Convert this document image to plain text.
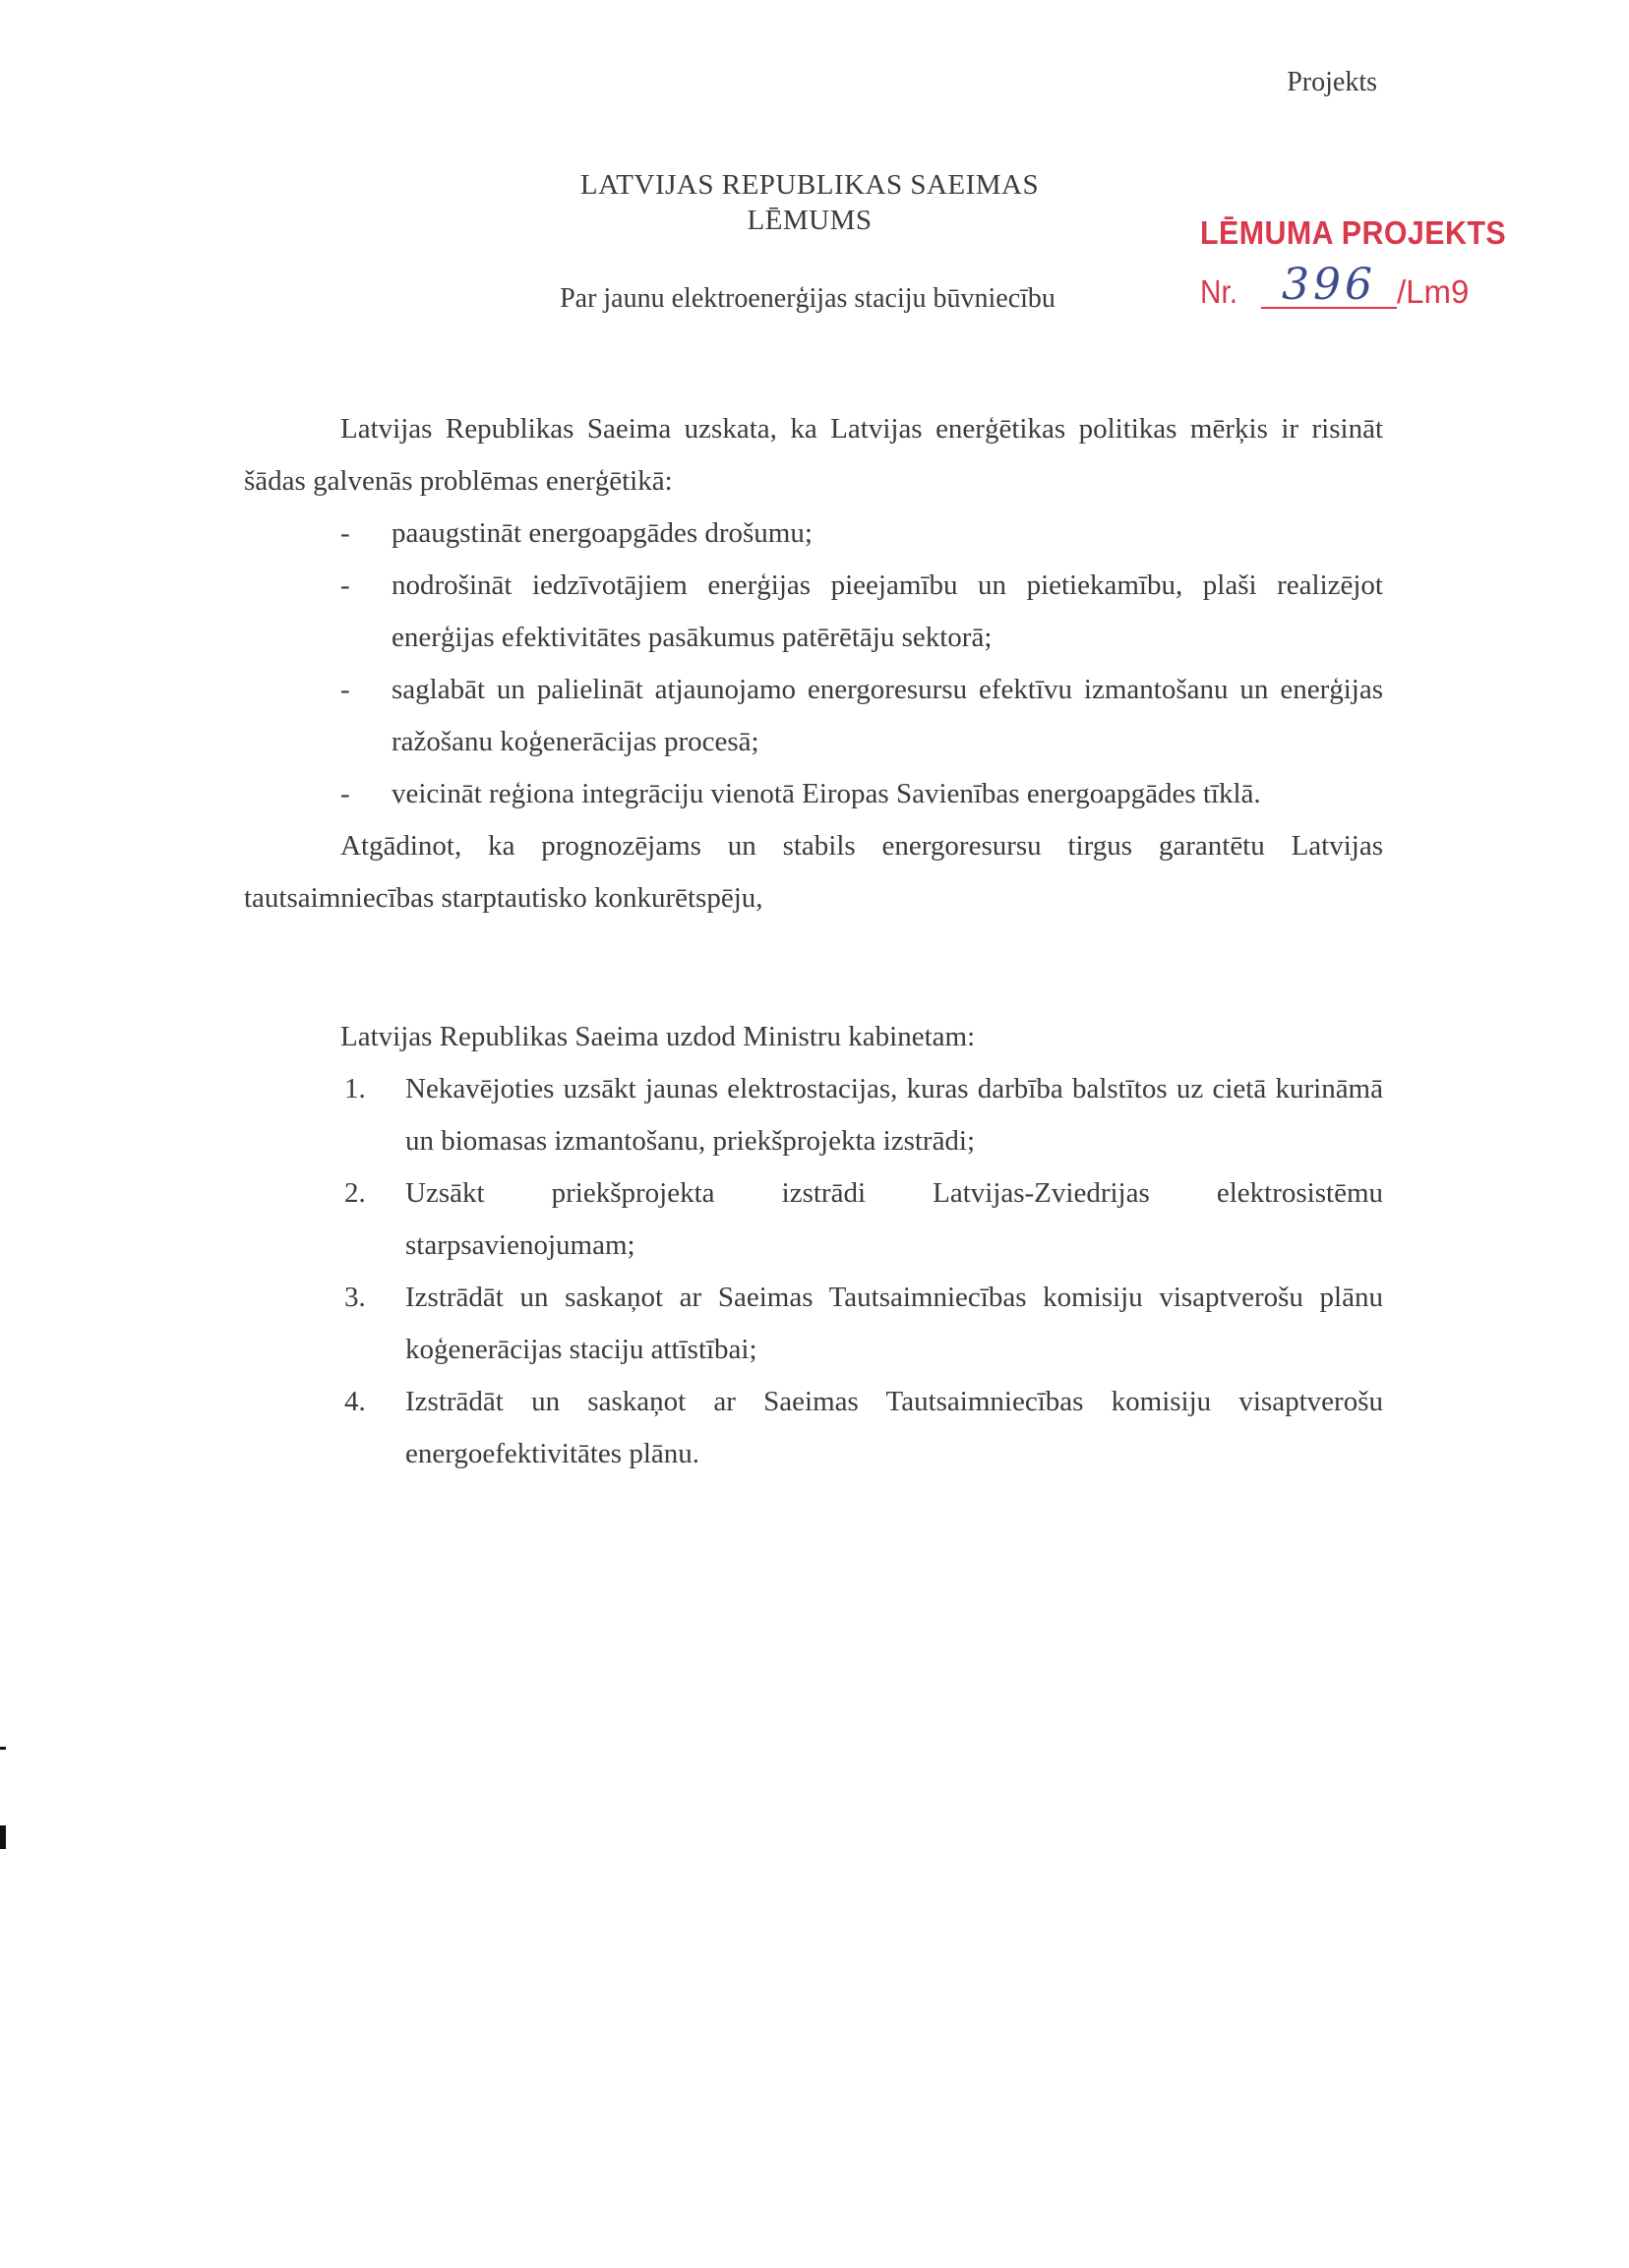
Projekts
LATVIJAS REPUBLIKAS SAEIMAS
LĒMUMS
Par jaunu elektroenerģijas staciju būvniecību
LĒMUMA PROJEKTS
Nr.	396 /Lm9
Latvijas Republikas Saeima uzskata, ka Latvijas enerģētikas politikas mērķis ir risināt šādas galvenās problēmas enerģētikā:
- paaugstināt energoapgādes drošumu;
- nodrošināt iedzīvotājiem enerģijas pieejamību un pietiekamību, plaši realizējot enerģijas efektivitātes pasākumus patērētāju sektorā;
- saglabāt un palielināt atjaunojamo energoresursu efektīvu izmantošanu un enerģijas ražošanu koģenerācijas procesā;
- veicināt reģiona integrāciju vienotā Eiropas Savienības energoapgādes tīklā.
Atgādinot, ka prognozējams un stabils energoresursu tirgus garantētu Latvijas tautsaimniecības starptautisko konkurētspēju,
Latvijas Republikas Saeima uzdod Ministru kabinetam:
1. Nekavējoties uzsākt jaunas elektrostacijas, kuras darbība balstītos uz cietā kurināmā un biomasas izmantošanu, priekšprojekta izstrādi;
2. Uzsākt priekšprojekta izstrādi Latvijas-Zviedrijas elektrosistēmu
starpsavienojumam;
3. Izstrādāt un saskaņot ar Saeimas Tautsaimniecības komisiju visaptverošu plānu koģenerācijas staciju attīstībai;
4. Izstrādāt un saskaņot ar Saeimas Tautsaimniecības komisiju visaptverošu energoefektivitātes plānu.
